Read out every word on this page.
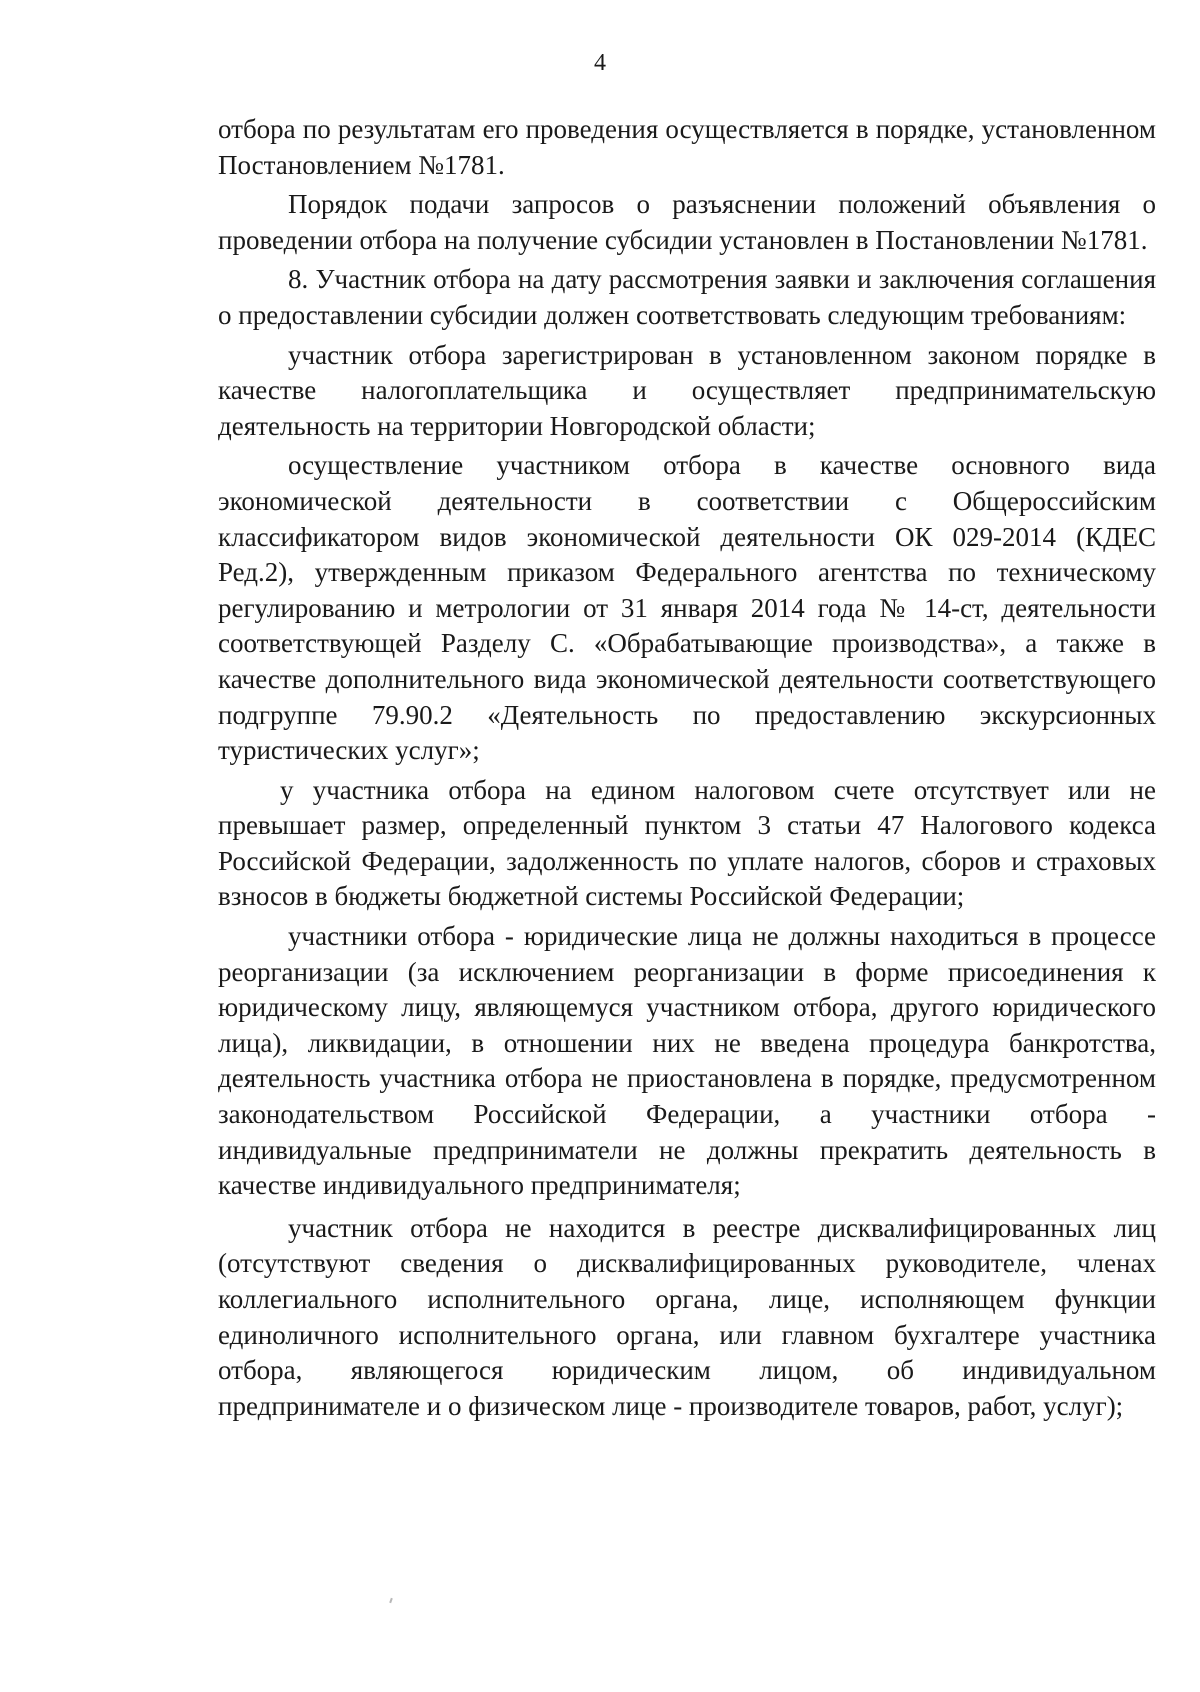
4

отбора по результатам его проведения осуществляется в порядке, установленном Постановлением №1781.

Порядок подачи запросов о разъяснении положений объявления о проведении отбора на получение субсидии установлен в Постановлении №1781.

8. Участник отбора на дату рассмотрения заявки и заключения соглашения о предоставлении субсидии должен соответствовать следующим требованиям:

участник отбора зарегистрирован в установленном законом порядке в качестве налогоплательщика и осуществляет предпринимательскую деятельность на территории Новгородской области;

осуществление участником отбора в качестве основного вида экономической деятельности в соответствии с Общероссийским классификатором видов экономической деятельности ОК 029-2014 (КДЕС Ред.2), утвержденным приказом Федерального агентства по техническому регулированию и метрологии от 31 января 2014 года № 14-ст, деятельности соответствующей Разделу С. «Обрабатывающие производства», а также в качестве дополнительного вида экономической деятельности соответствующего подгруппе 79.90.2 «Деятельность по предоставлению экскурсионных туристических услуг»;

у участника отбора на едином налоговом счете отсутствует или не превышает размер, определенный пунктом 3 статьи 47 Налогового кодекса Российской Федерации, задолженность по уплате налогов, сборов и страховых взносов в бюджеты бюджетной системы Российской Федерации;

участники отбора - юридические лица не должны находиться в процессе реорганизации (за исключением реорганизации в форме присоединения к юридическому лицу, являющемуся участником отбора, другого юридического лица), ликвидации, в отношении них не введена процедура банкротства, деятельность участника отбора не приостановлена в порядке, предусмотренном законодательством Российской Федерации, а участники отбора - индивидуальные предприниматели не должны прекратить деятельность в качестве индивидуального предпринимателя;

участник отбора не находится в реестре дисквалифицированных лиц (отсутствуют сведения о дисквалифицированных руководителе, членах коллегиального исполнительного органа, лице, исполняющем функции единоличного исполнительного органа, или главном бухгалтере участника отбора, являющегося юридическим лицом, об индивидуальном предпринимателе и о физическом лице - производителе товаров, работ, услуг);
